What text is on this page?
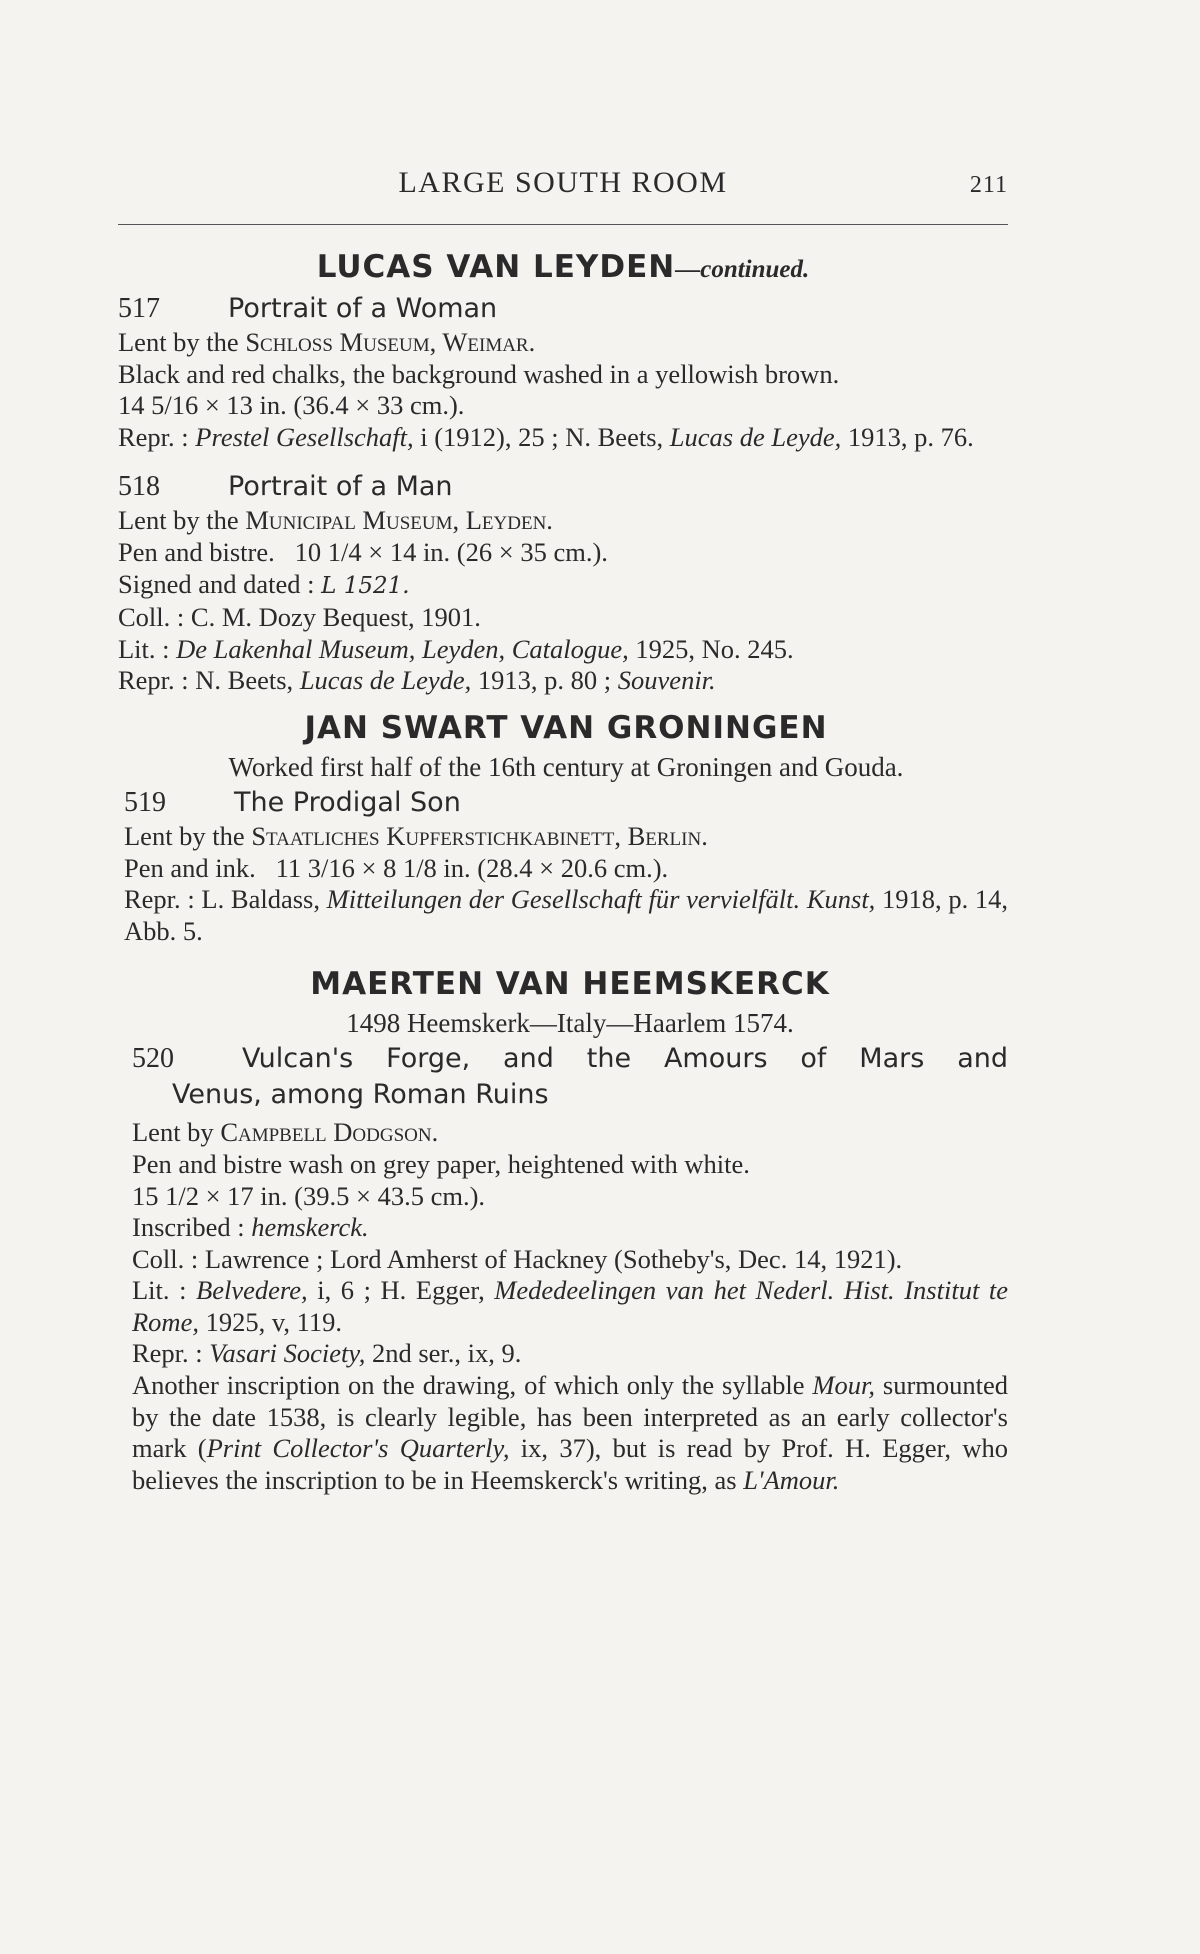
LARGE SOUTH ROOM	211
LUCAS VAN LEYDEN—continued.
517	Portrait of a Woman

Lent by the Schloss Museum, Weimar.

Black and red chalks, the background washed in a yellowish brown.

14 5/16 × 13 in. (36.4 × 33 cm.).

Repr. : Prestel Gesellschaft, i (1912), 25 ; N. Beets, Lucas de Leyde, 1913, p. 76.

518	Portrait of a Man

Lent by the Municipal Museum, Leyden.

Pen and bistre. 10 1/4 × 14 in. (26 × 35 cm.).

Signed and dated : L 1521.

Coll. : C. M. Dozy Bequest, 1901.

Lit. : De Lakenhal Museum, Leyden, Catalogue, 1925, No. 245.

Repr. : N. Beets, Lucas de Leyde, 1913, p. 80 ; Souvenir.

JAN SWART VAN GRONINGEN

Worked first half of the 16th century at Groningen and Gouda.

519	The Prodigal Son

Lent by the Staatliches Kupferstichkabinett, Berlin.

Pen and ink. 11 3/16 × 8 1/8 in. (28.4 × 20.6 cm.).

Repr. : L. Baldass, Mitteilungen der Gesellschaft für vervielfält. Kunst, 1918, p. 14, Abb. 5.

MAERTEN VAN HEEMSKERCK

1498 Heemskerk—Italy—Haarlem 1574.

520	Vulcan's Forge, and the Amours of Mars and
Venus, among Roman Ruins

Lent by Campbell Dodgson.

Pen and bistre wash on grey paper, heightened with white.

15 1/2 × 17 in. (39.5 × 43.5 cm.).

Inscribed : hemskerck.

Coll. : Lawrence ; Lord Amherst of Hackney (Sotheby's, Dec. 14, 1921).

Lit. : Belvedere, i, 6 ; H. Egger, Mededeelingen van het Nederl. Hist. Institut te Rome, 1925, v, 119.

Repr. : Vasari Society, 2nd ser., ix, 9.

Another inscription on the drawing, of which only the syllable Mour, surmounted by the date 1538, is clearly legible, has been interpreted as an early collector's mark (Print Collector's Quarterly, ix, 37), but is read by Prof. H. Egger, who believes the inscription to be in Heemskerck's writing, as L'Amour.
